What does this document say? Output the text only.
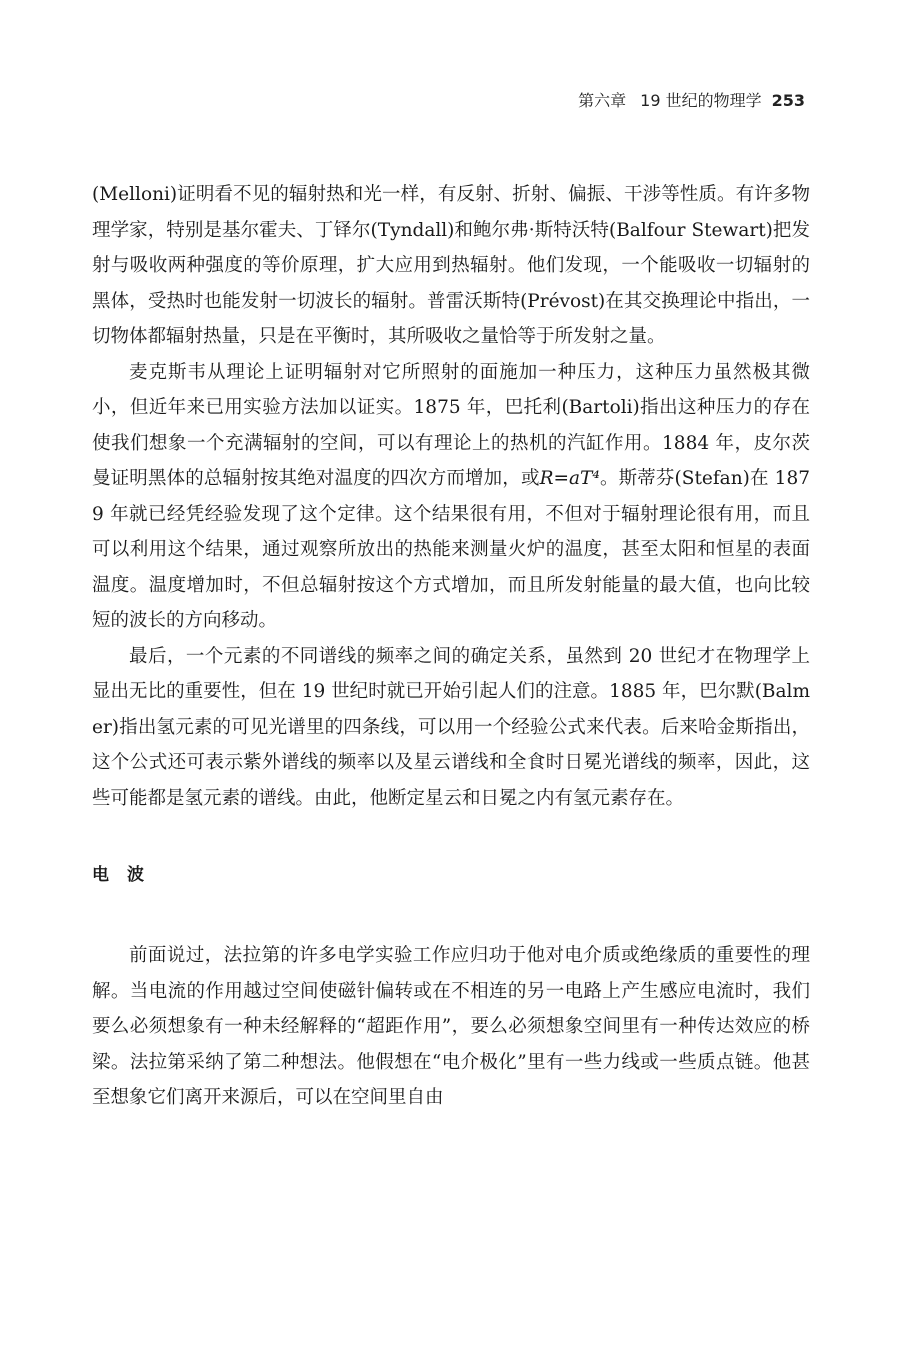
第六章 19 世纪的物理学 253

(Melloni)证明看不见的辐射热和光一样，有反射、折射、偏振、干涉等性质。有许多物理学家，特别是基尔霍夫、丁铎尔(Tyndall)和鲍尔弗·斯特沃特(Balfour Stewart)把发射与吸收两种强度的等价原理，扩大应用到热辐射。他们发现，一个能吸收一切辐射的黑体，受热时也能发射一切波长的辐射。普雷沃斯特(Prévost)在其交换理论中指出，一切物体都辐射热量，只是在平衡时，其所吸收之量恰等于所发射之量。

麦克斯韦从理论上证明辐射对它所照射的面施加一种压力，这种压力虽然极其微小，但近年来已用实验方法加以证实。1875 年，巴托利(Bartoli)指出这种压力的存在使我们想象一个充满辐射的空间，可以有理论上的热机的汽缸作用。1884 年，皮尔茨曼证明黑体的总辐射按其绝对温度的四次方而增加，或R=aT⁴。斯蒂芬(Stefan)在 1879 年就已经凭经验发现了这个定律。这个结果很有用，不但对于辐射理论很有用，而且可以利用这个结果，通过观察所放出的热能来测量火炉的温度，甚至太阳和恒星的表面温度。温度增加时，不但总辐射按这个方式增加，而且所发射能量的最大值，也向比较短的波长的方向移动。

最后，一个元素的不同谱线的频率之间的确定关系，虽然到 20 世纪才在物理学上显出无比的重要性，但在 19 世纪时就已开始引起人们的注意。1885 年，巴尔默(Balmer)指出氢元素的可见光谱里的四条线，可以用一个经验公式来代表。后来哈金斯指出，这个公式还可表示紫外谱线的频率以及星云谱线和全食时日冕光谱线的频率，因此，这些可能都是氢元素的谱线。由此，他断定星云和日冕之内有氢元素存在。

电波

前面说过，法拉第的许多电学实验工作应归功于他对电介质或绝缘质的重要性的理解。当电流的作用越过空间使磁针偏转或在不相连的另一电路上产生感应电流时，我们要么必须想象有一种未经解释的“超距作用”，要么必须想象空间里有一种传达效应的桥梁。法拉第采纳了第二种想法。他假想在“电介极化”里有一些力线或一些质点链。他甚至想象它们离开来源后，可以在空间里自由
